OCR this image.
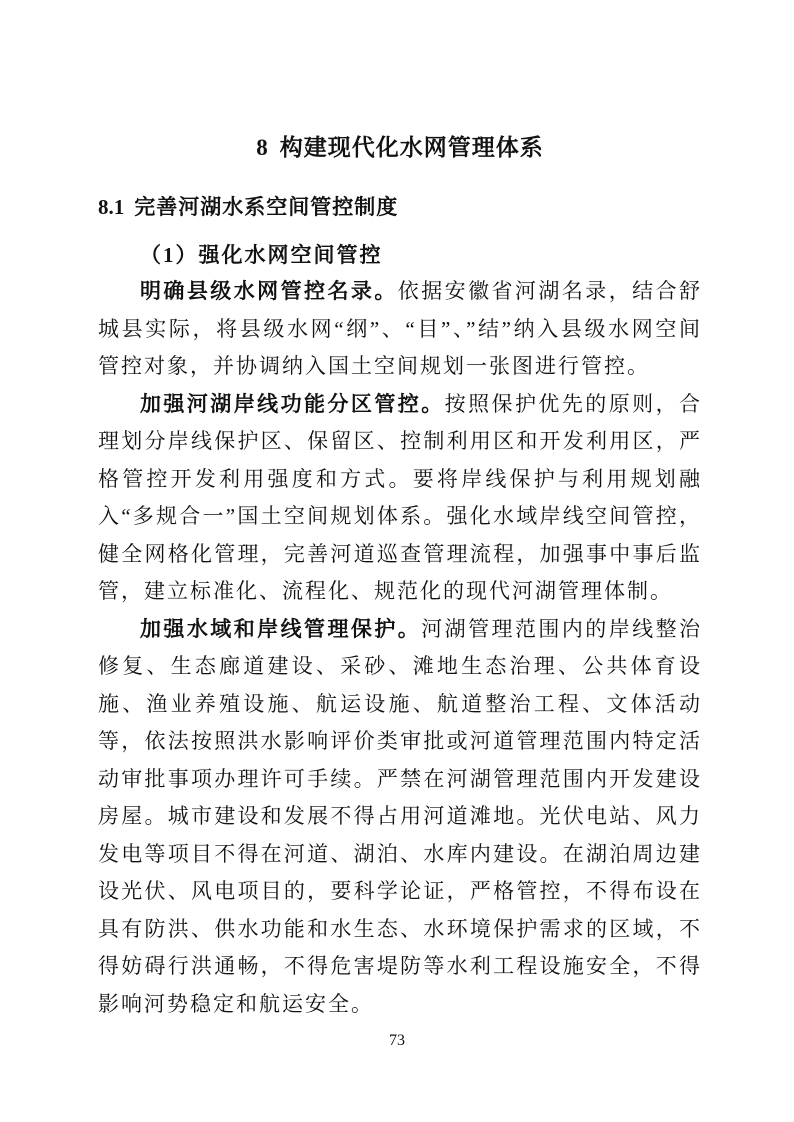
8 构建现代化水网管理体系
8.1 完善河湖水系空间管控制度
（1）强化水网空间管控

明确县级水网管控名录。依据安徽省河湖名录，结合舒城县实际，将县级水网“纲”、“目”、”结”纳入县级水网空间管控对象，并协调纳入国土空间规划一张图进行管控。

加强河湖岸线功能分区管控。按照保护优先的原则，合理划分岸线保护区、保留区、控制利用区和开发利用区，严格管控开发利用强度和方式。要将岸线保护与利用规划融入“多规合一”国土空间规划体系。强化水域岸线空间管控，健全网格化管理，完善河道巡查管理流程，加强事中事后监管，建立标准化、流程化、规范化的现代河湖管理体制。

加强水域和岸线管理保护。河湖管理范围内的岸线整治修复、生态廊道建设、采砂、滩地生态治理、公共体育设施、渔业养殖设施、航运设施、航道整治工程、文体活动等，依法按照洪水影响评价类审批或河道管理范围内特定活动审批事项办理许可手续。严禁在河湖管理范围内开发建设房屋。城市建设和发展不得占用河道滩地。光伏电站、风力发电等项目不得在河道、湖泊、水库内建设。在湖泊周边建设光伏、风电项目的，要科学论证，严格管控，不得布设在具有防洪、供水功能和水生态、水环境保护需求的区域，不得妨碍行洪通畅，不得危害堤防等水利工程设施安全，不得影响河势稳定和航运安全。

73
